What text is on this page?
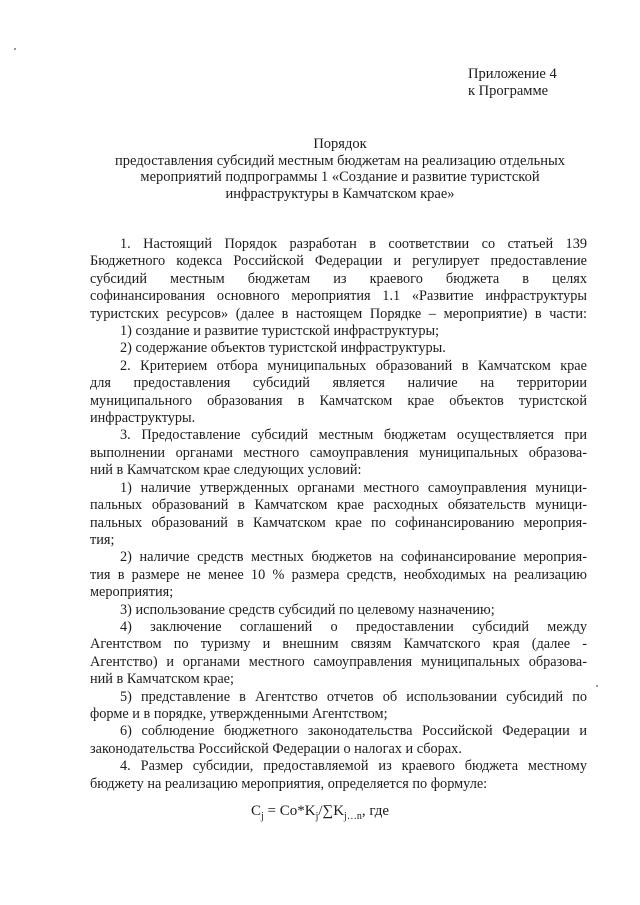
Приложение 4
к Программе
Порядок
предоставления субсидий местным бюджетам на реализацию отдельных
мероприятий подпрограммы 1 «Создание и развитие туристской
инфраструктуры в Камчатском крае»
1. Настоящий Порядок разработан в соответствии со статьей 139
Бюджетного кодекса Российской Федерации и регулирует предоставление
субсидий местным бюджетам из краевого бюджета в целях
софинансирования основного мероприятия 1.1 «Развитие инфраструктуры
туристских ресурсов» (далее в настоящем Порядке – мероприятие) в части:
1) создание и развитие туристской инфраструктуры;
2) содержание объектов туристской инфраструктуры.
2. Критерием отбора муниципальных образований в Камчатском крае
для предоставления субсидий является наличие на территории
муниципального образования в Камчатском крае объектов туристской
инфраструктуры.
3. Предоставление субсидий местным бюджетам осуществляется при
выполнении органами местного самоуправления муниципальных образова-
ний в Камчатском крае следующих условий:
1) наличие утвержденных органами местного самоуправления муници-
пальных образований в Камчатском крае расходных обязательств муници-
пальных образований в Камчатском крае по софинансированию мероприя-
тия;
2) наличие средств местных бюджетов на софинансирование мероприя-
тия в размере не менее 10 % размера средств, необходимых на реализацию
мероприятия;
3) использование средств субсидий по целевому назначению;
4) заключение соглашений о предоставлении субсидий между
Агентством по туризму и внешним связям Камчатского края (далее -
Агентство) и органами местного самоуправления муниципальных образова-
ний в Камчатском крае;
5) представление в Агентство отчетов об использовании субсидий по
форме и в порядке, утвержденными Агентством;
6) соблюдение бюджетного законодательства Российской Федерации и
законодательства Российской Федерации о налогах и сборах.
4. Размер субсидии, предоставляемой из краевого бюджета местному
бюджету на реализацию мероприятия, определяется по формуле:
$C_j = Co*K_j/\sum K_{j\dots n}$, где
